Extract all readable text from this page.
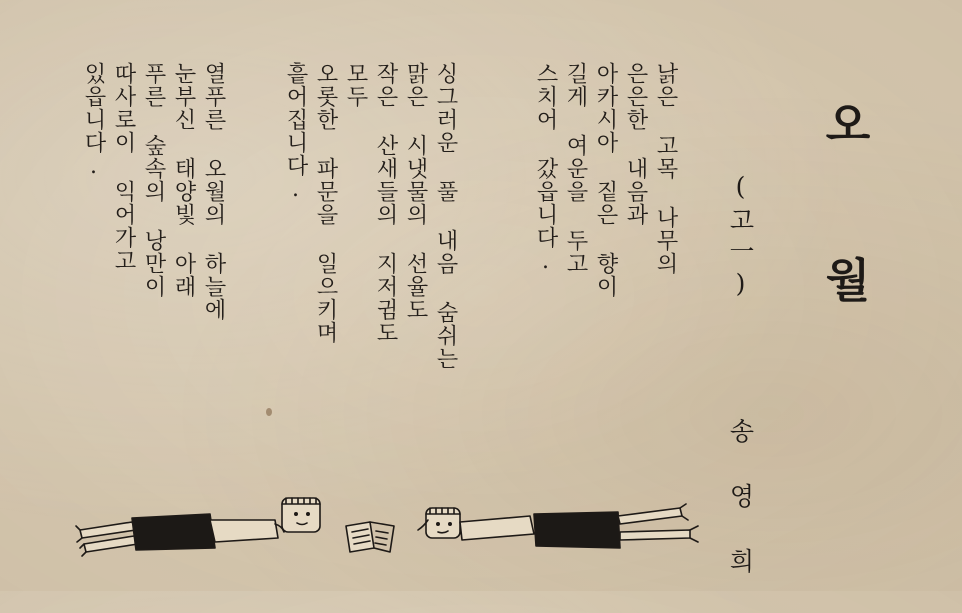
오월
(고一)  송영희
낡은 고목 나무의
은은한 내음과
아카시아 짙은 향이
길게 여운을 두고
스치어 갔읍니다.
싱그러운 풀 내음 숨쉬는
맑은 시냇물의 선율도
작은 산새들의 지저귐도
모두
오롯한 파문을 일으키며
흩어집니다.
열푸른 오월의 하늘에
눈부신 태양빛 아래
푸른 숲속의 낭만이
따사로이 익어가고
있읍니다.
